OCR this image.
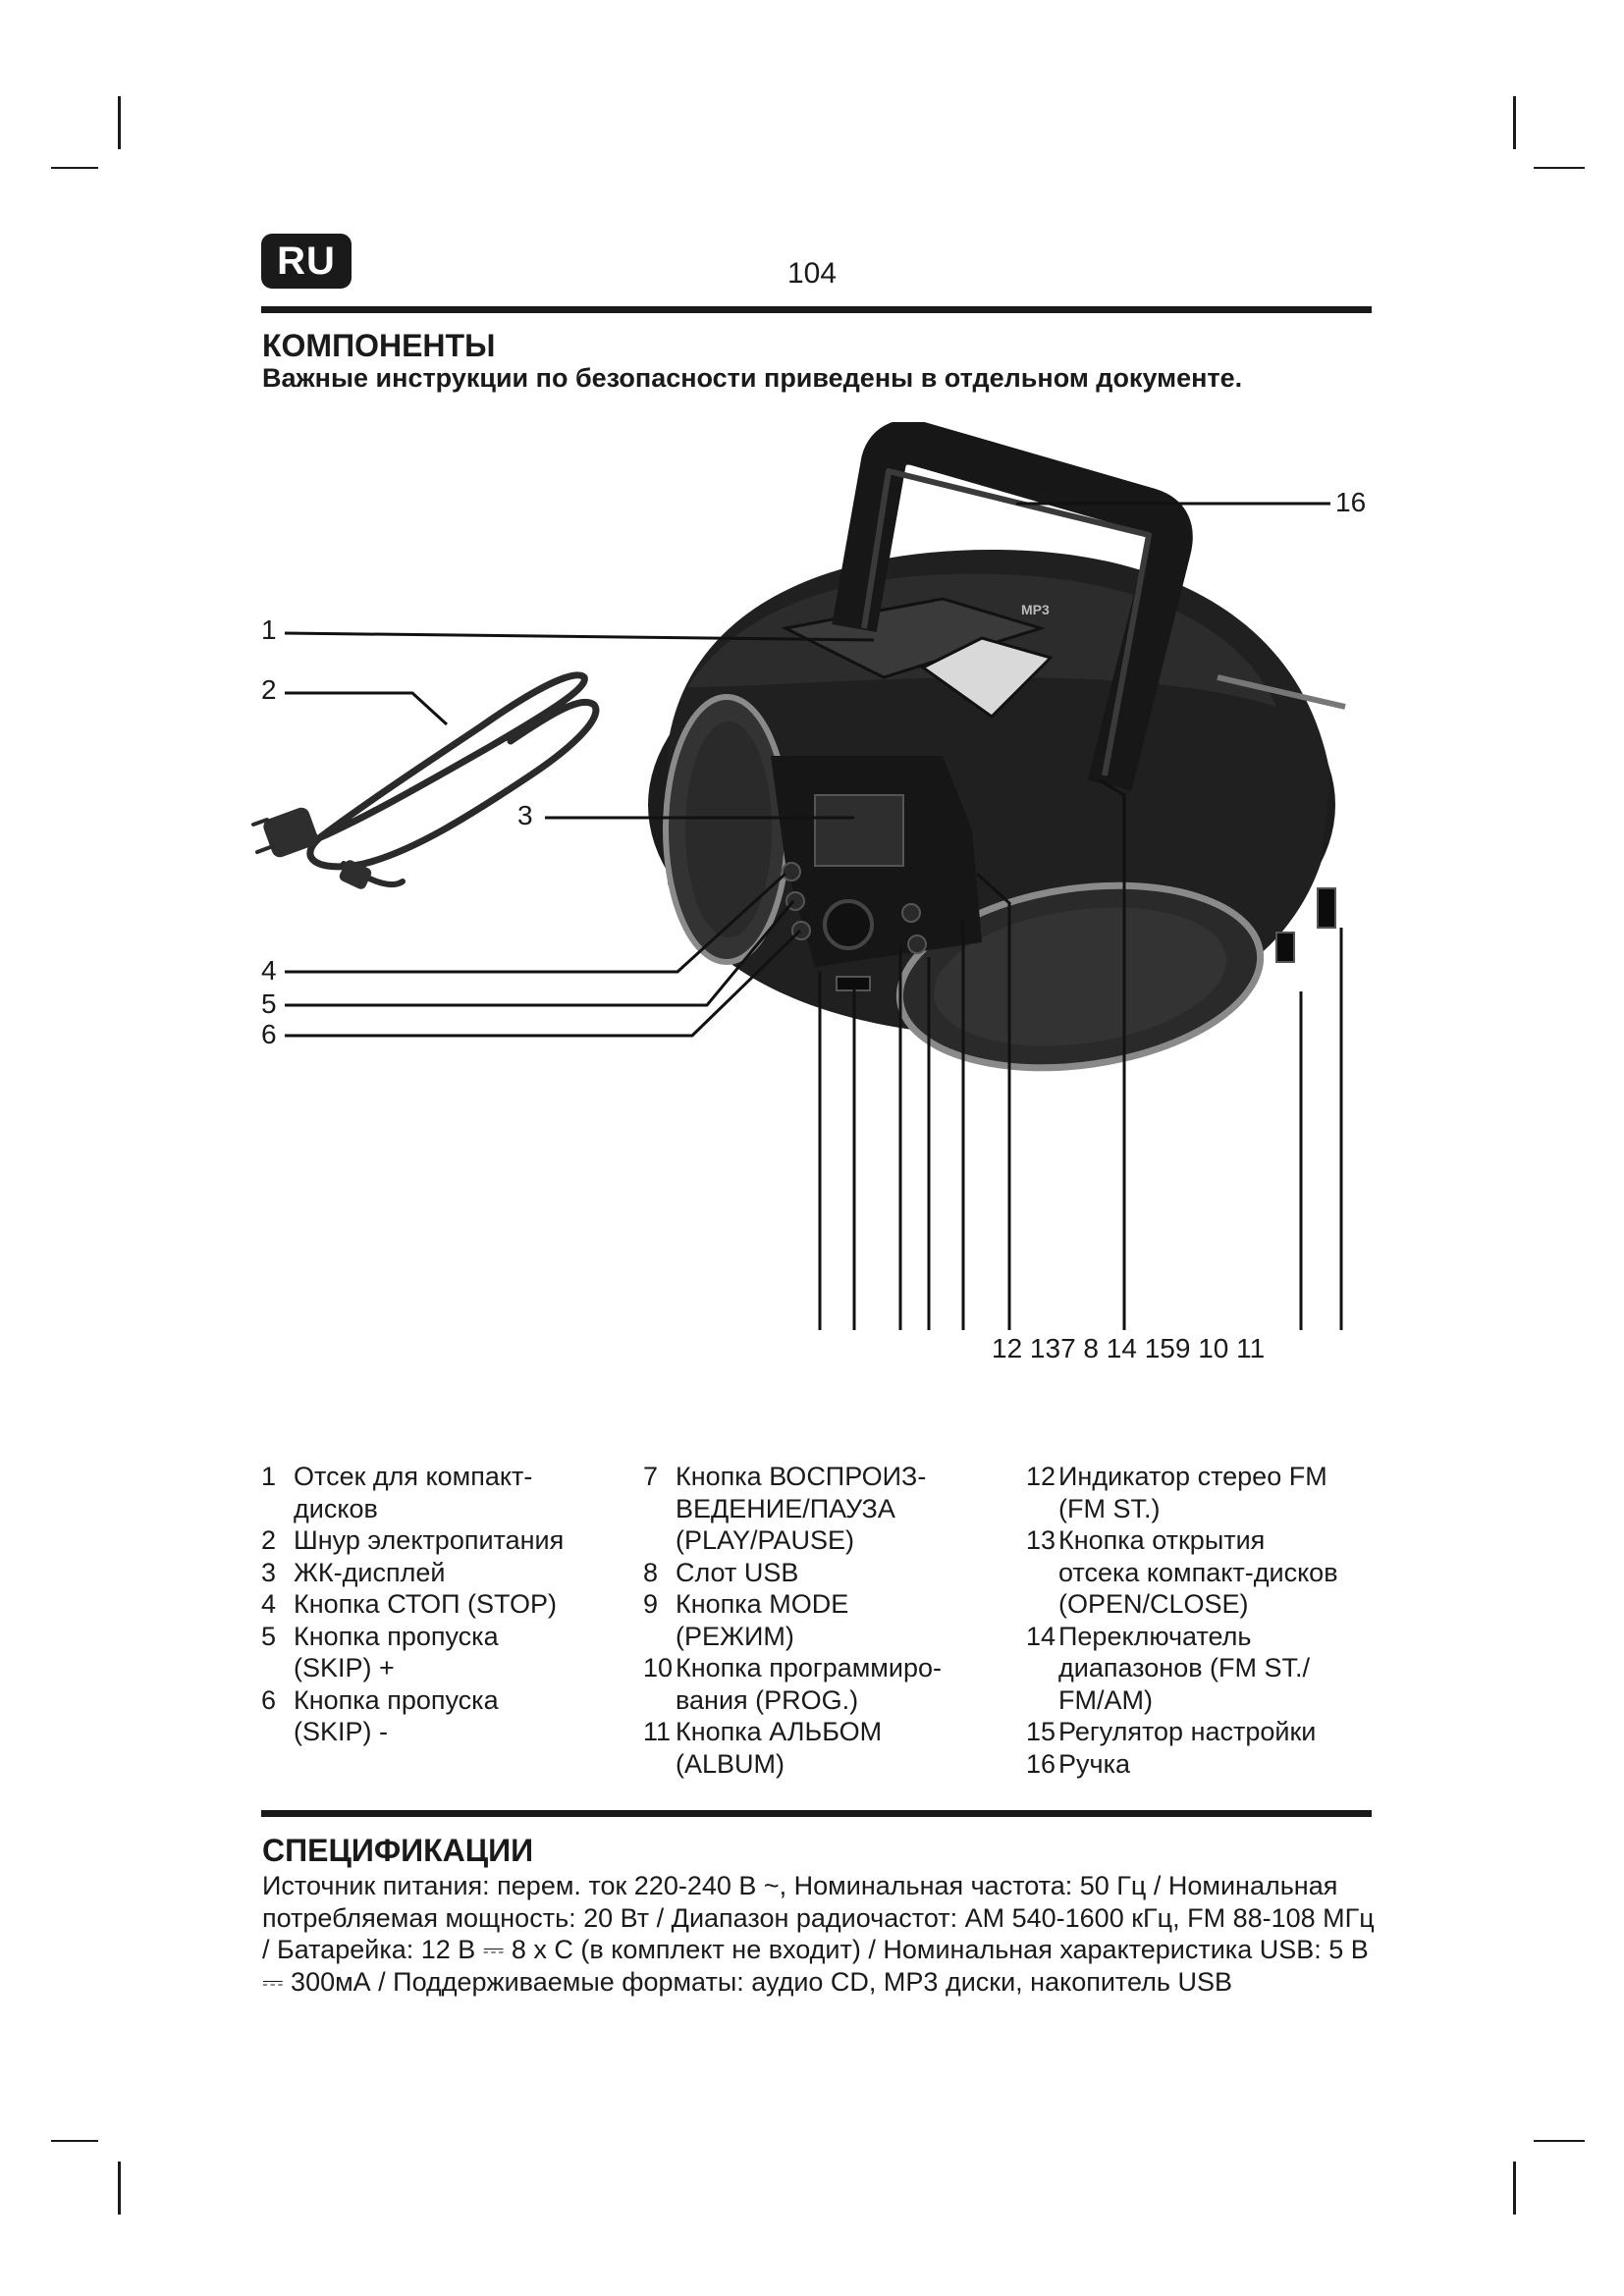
RU	104
КОМПОНЕНТЫ
Важные инструкции по безопасности приведены в отдельном документе.
MP3
1
2
3
4
5
6
16
12 137 8 14 159 10 11
1 Отсек для компакт-
дисков
2 Шнур электропитания
3 ЖК-дисплей
4 Кнопка СТОП (STOP)
5 Кнопка пропуска
(SKIP) +
6 Кнопка пропуска
(SKIP) -
7 Кнопка ВОСПРОИЗ-
ВЕДЕНИЕ/ПАУЗА
(PLAY/PAUSE)
8 Слот USB
9 Кнопка MODE
(РЕЖИМ)
10 Кнопка программиро-
вания (PROG.)
11 Кнопка АЛЬБОМ
(ALBUM)
12 Индикатор стерео FM
(FM ST.)
13 Кнопка открытия
отсека компакт-дисков
(OPEN/CLOSE)
14 Переключатель
диапазонов (FM ST./
FM/AM)
15 Регулятор настройки
16 Ручка
СПЕЦИФИКАЦИИ
Источник питания: перем. ток 220-240 В ~, Номинальная частота: 50 Гц / Номинальная потребляемая мощность: 20 Вт / Диапазон радиочастот: AM 540-1600 кГц, FM 88-108 МГц / Батарейка: 12 В ⎓ 8 x C (в комплект не входит) / Номинальная характеристика USB: 5 В ⎓ 300мА / Поддерживаемые форматы: аудио CD, MP3 диски, накопитель USB
